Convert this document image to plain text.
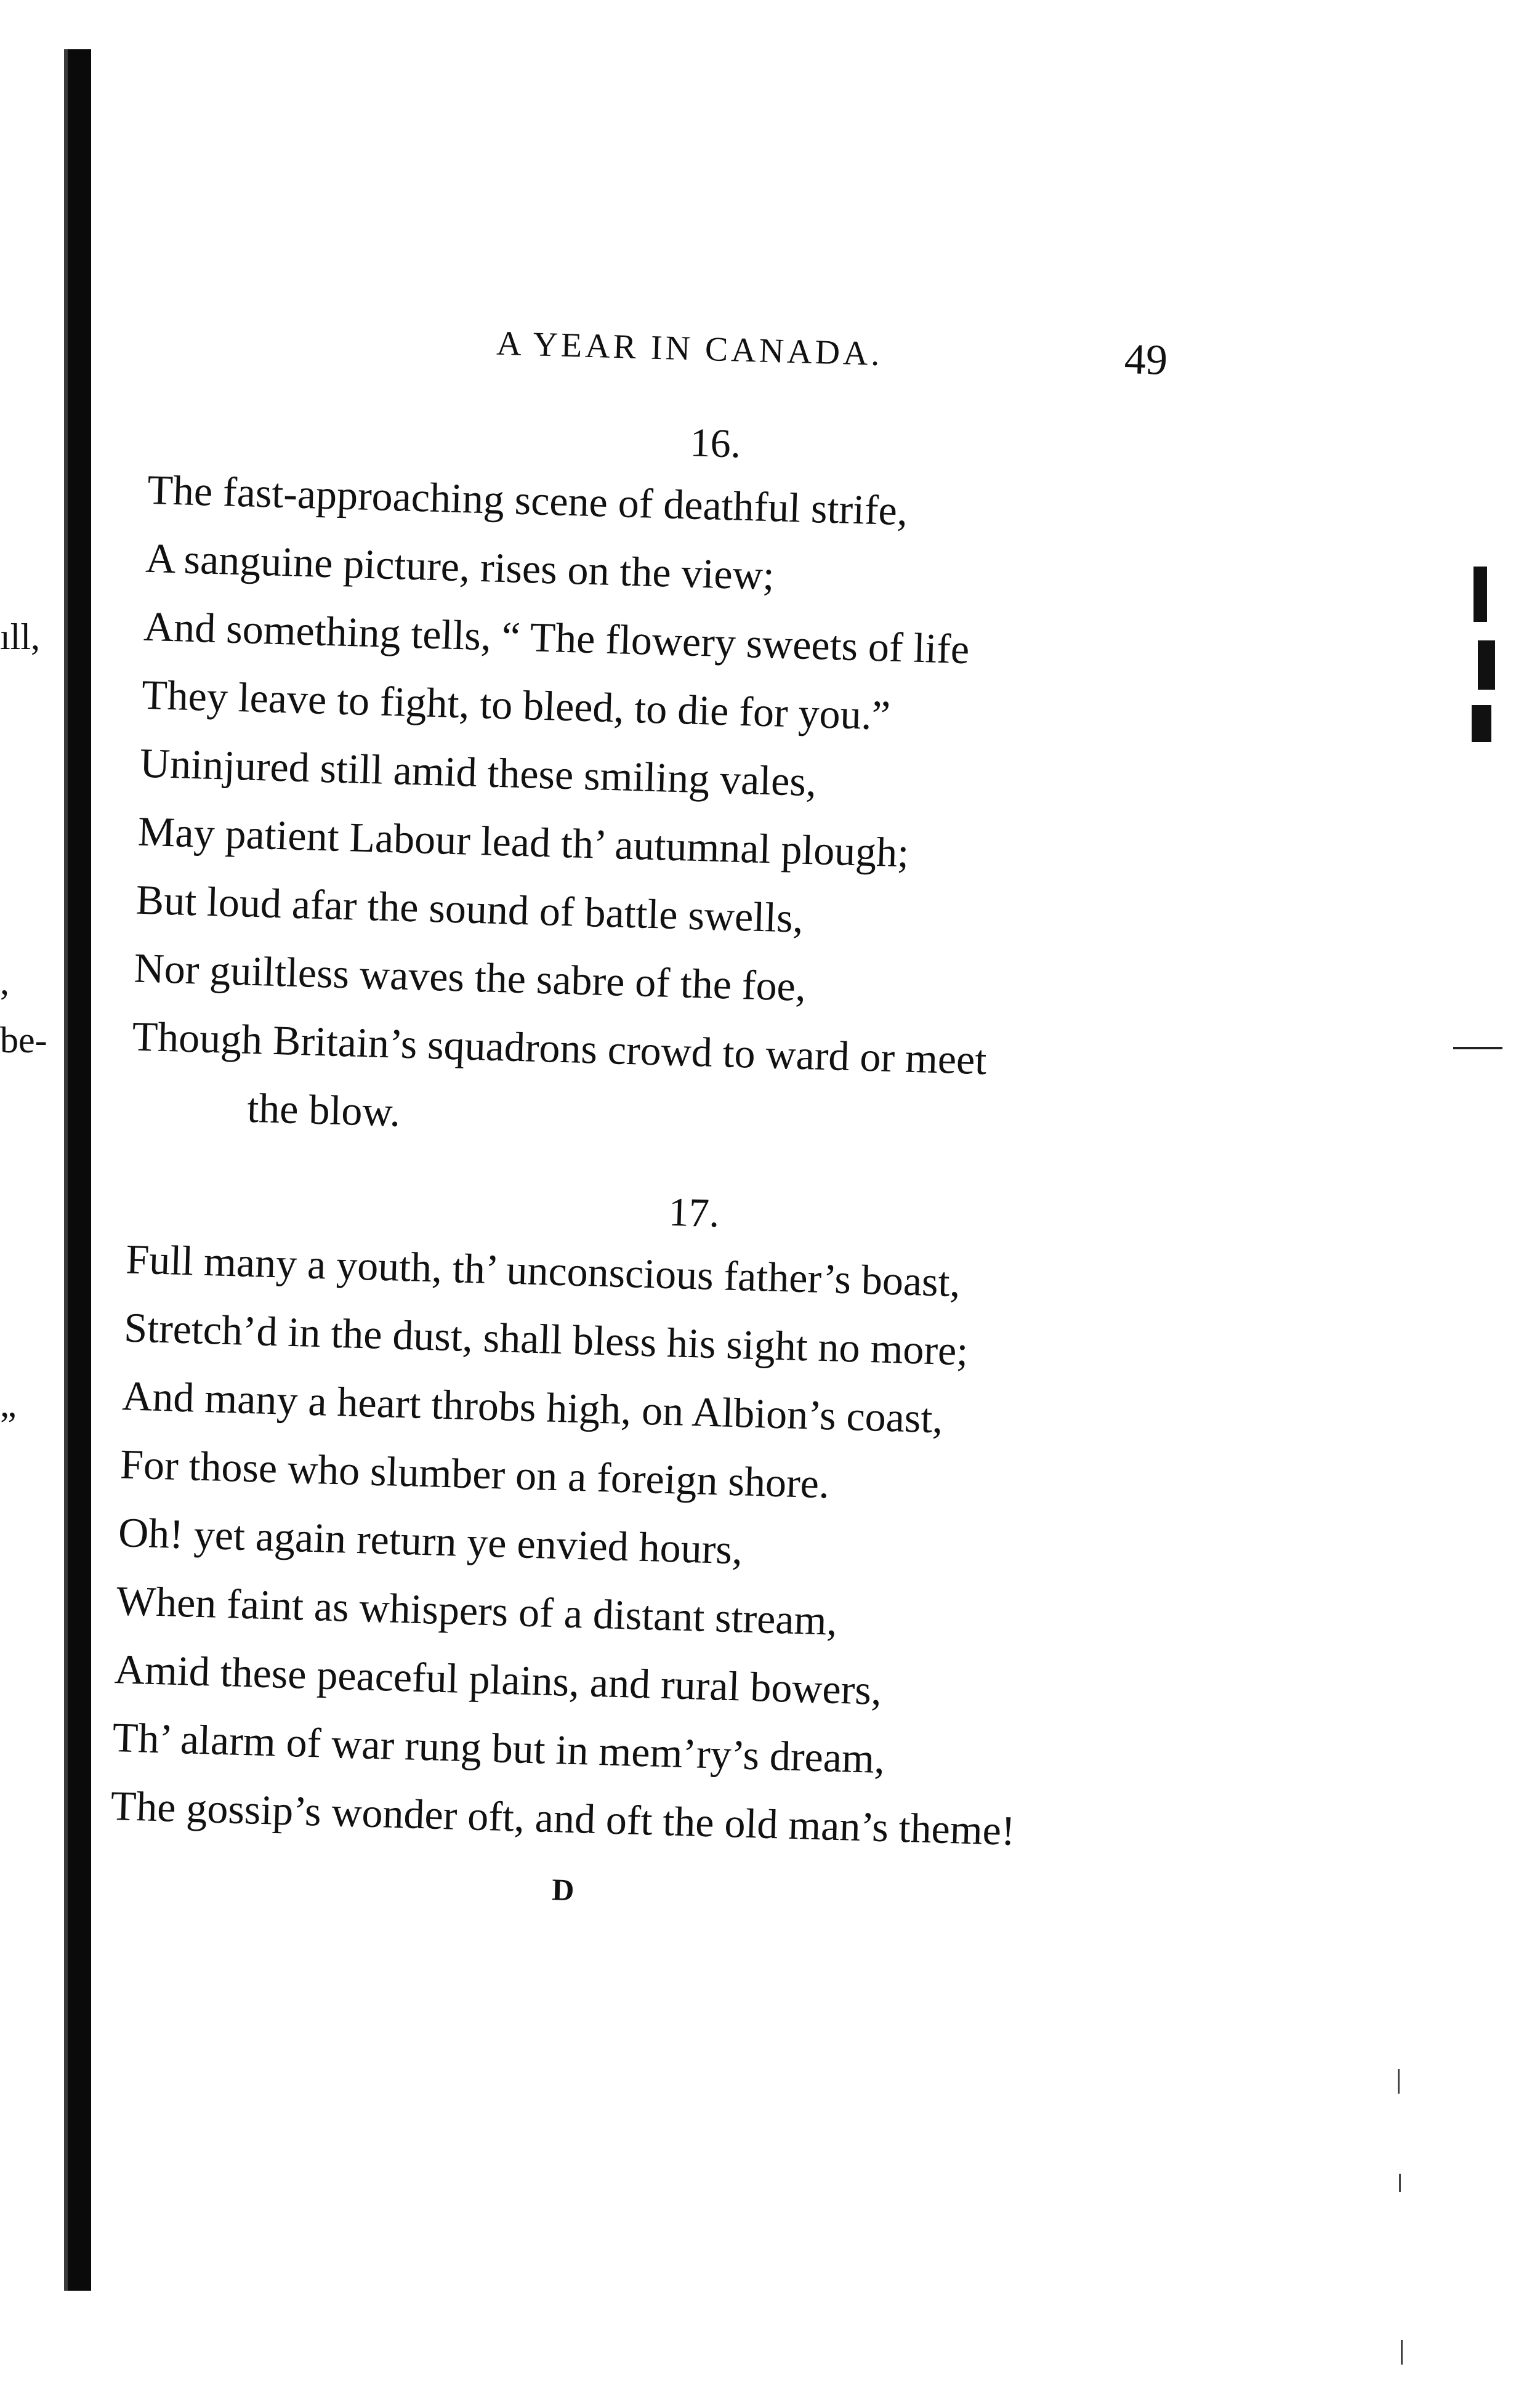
ıll,
,
be-
”
A YEAR IN CANADA.	49
16.
The fast-approaching scene of deathful strife,
A sanguine picture, rises on the view;
And something tells, “ The flowery sweets of life
They leave to fight, to bleed, to die for you.”
Uninjured still amid these smiling vales,
May patient Labour lead th’ autumnal plough;
But loud afar the sound of battle swells,
Nor guiltless waves the sabre of the foe,
Though Britain’s squadrons crowd to ward or meet
the blow.
17.
Full many a youth, th’ unconscious father’s boast,
Stretch’d in the dust, shall bless his sight no more;
And many a heart throbs high, on Albion’s coast,
For those who slumber on a foreign shore.
Oh! yet again return ye envied hours,
When faint as whispers of a distant stream,
Amid these peaceful plains, and rural bowers,
Th’ alarm of war rung but in mem’ry’s dream,
The gossip’s wonder oft, and oft the old man’s theme!
D
